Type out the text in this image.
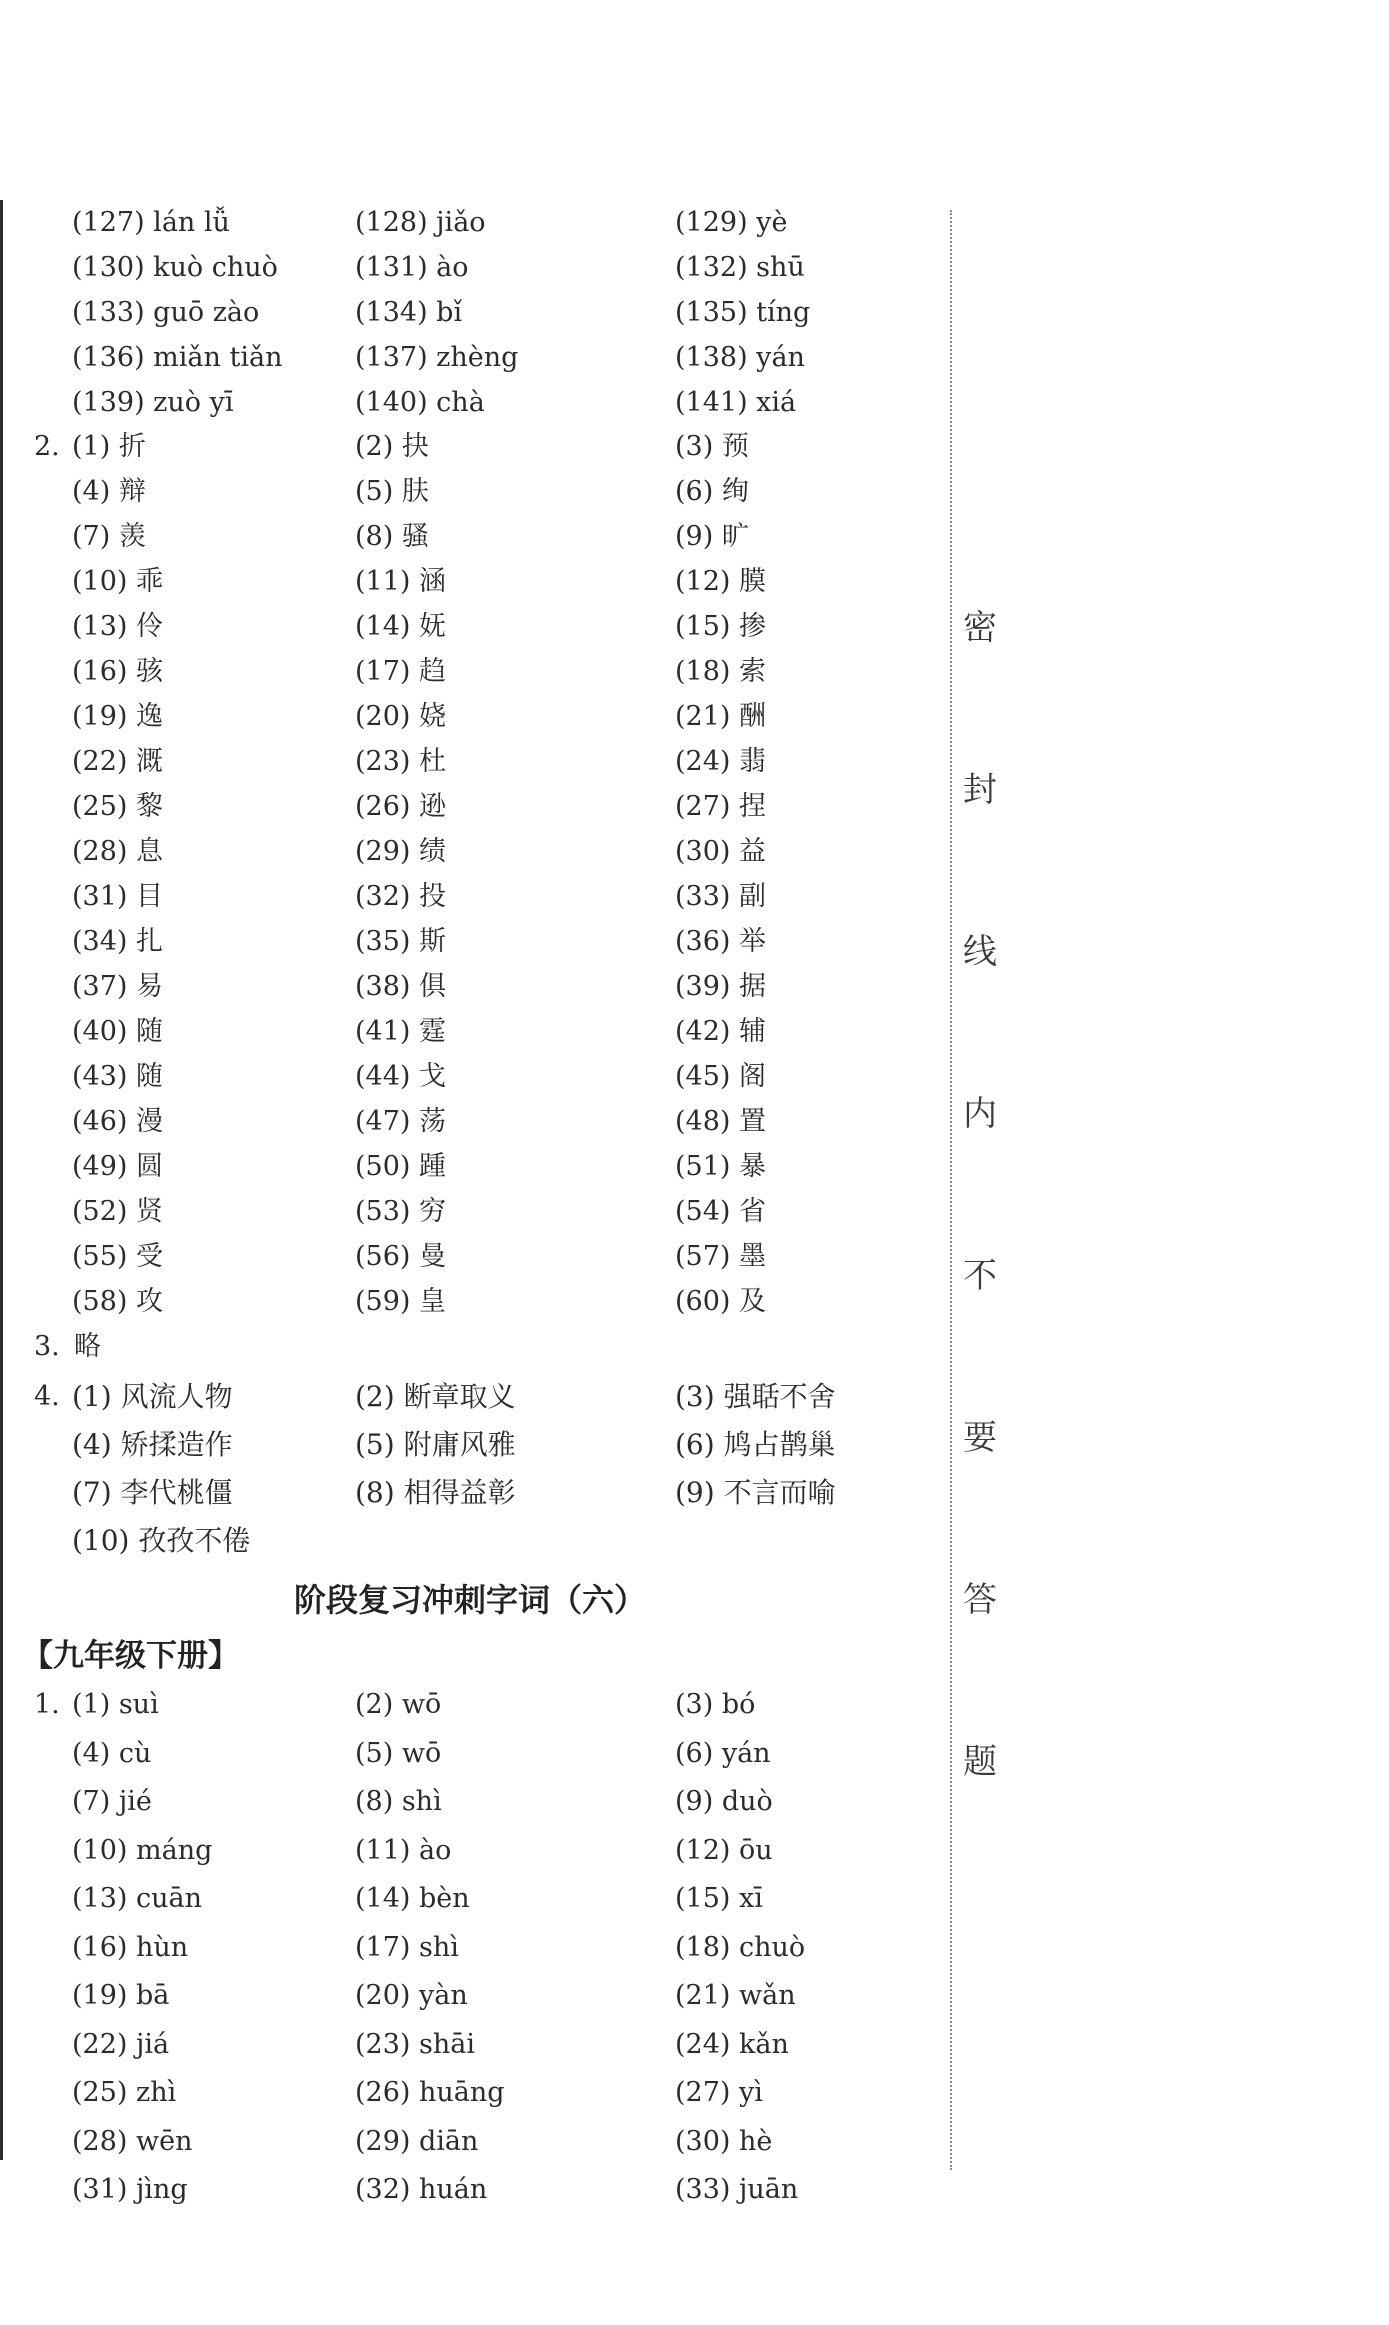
密
封
线
内
不
要
答
题
(127) lán lǚ	(128) jiǎo	(129) yè
(130) kuò chuò	(131) ào	(132) shū
(133) guō zào	(134) bǐ	(135) tíng
(136) miǎn tiǎn	(137) zhèng	(138) yán
(139) zuò yī	(140) chà	(141) xiá
2. (1) 折	(2) 抉	(3) 预
(4) 辩	(5) 肤	(6) 绚
(7) 羡	(8) 骚	(9) 旷
(10) 乖	(11) 涵	(12) 膜
(13) 伶	(14) 妩	(15) 掺
(16) 骇	(17) 趋	(18) 索
(19) 逸	(20) 娆	(21) 酬
(22) 溉	(23) 杜	(24) 翡
(25) 黎	(26) 逊	(27) 捏
(28) 息	(29) 绩	(30) 益
(31) 目	(32) 投	(33) 副
(34) 扎	(35) 斯	(36) 举
(37) 易	(38) 俱	(39) 据
(40) 随	(41) 霆	(42) 辅
(43) 随	(44) 戈	(45) 阁
(46) 漫	(47) 荡	(48) 置
(49) 圆	(50) 踵	(51) 暴
(52) 贤	(53) 穷	(54) 省
(55) 受	(56) 曼	(57) 墨
(58) 攻	(59) 皇	(60) 及
3. 略
4. (1) 风流人物	(2) 断章取义	(3) 强聒不舍
(4) 矫揉造作	(5) 附庸风雅	(6) 鸠占鹊巢
(7) 李代桃僵	(8) 相得益彰	(9) 不言而喻
(10) 孜孜不倦
1. (1) suì	(2) wō	(3) bó
(4) cù	(5) wō	(6) yán
(7) jié	(8) shì	(9) duò
(10) máng	(11) ào	(12) ōu
(13) cuān	(14) bèn	(15) xī
(16) hùn	(17) shì	(18) chuò
(19) bā	(20) yàn	(21) wǎn
(22) jiá	(23) shāi	(24) kǎn
(25) zhì	(26) huāng	(27) yì
(28) wēn	(29) diān	(30) hè
(31) jìng	(32) huán	(33) juān
阶段复习冲刺字词（六）
【九年级下册】
